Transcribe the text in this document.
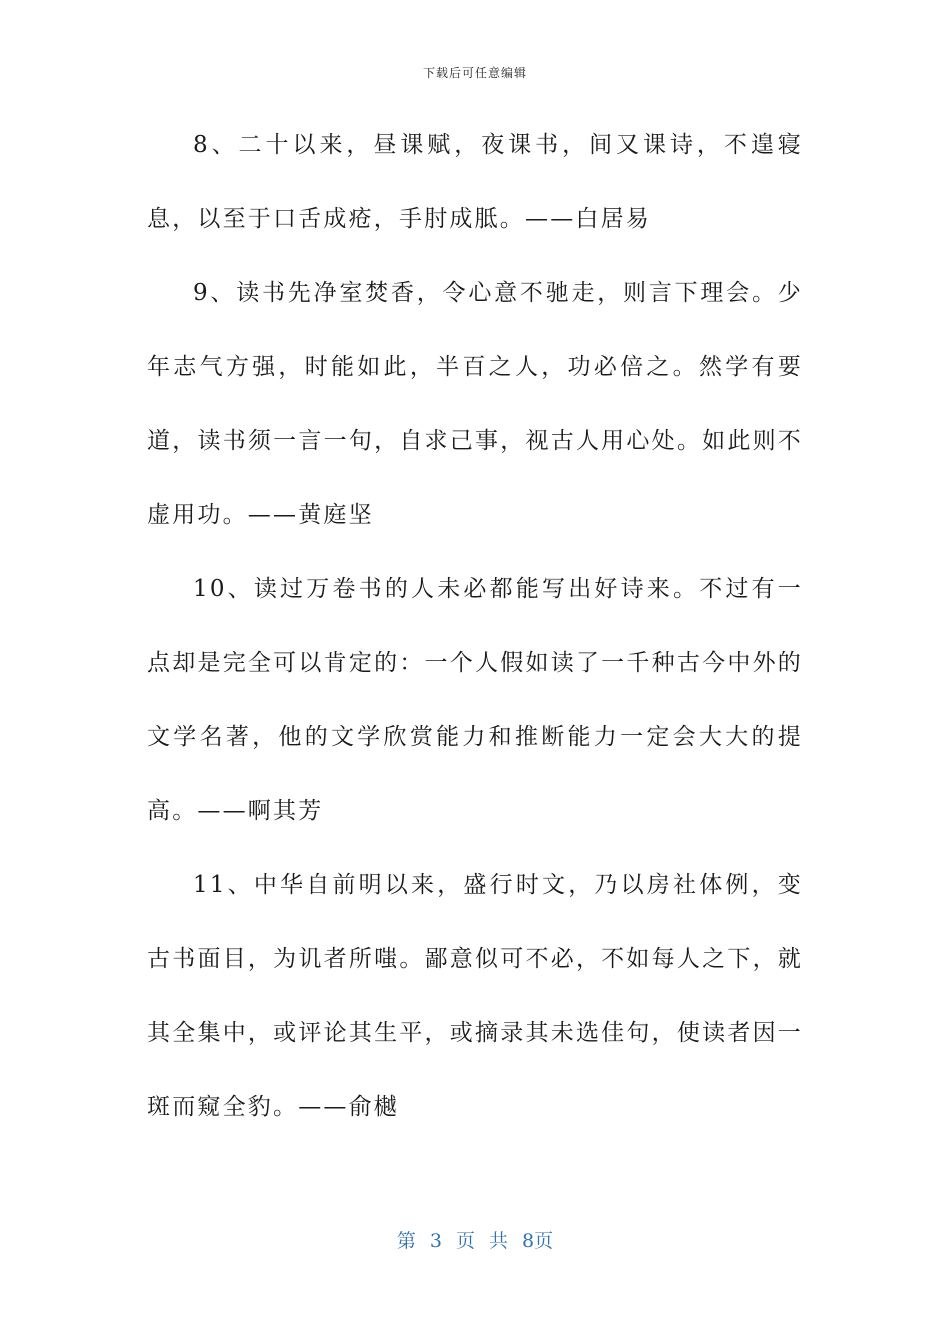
下载后可任意编辑

8、二十以来，昼课赋，夜课书，间又课诗，不遑寝息，以至于口舌成疮，手肘成胝。——白居易

9、读书先净室焚香，令心意不驰走，则言下理会。少年志气方强，时能如此，半百之人，功必倍之。然学有要道，读书须一言一句，自求己事，视古人用心处。如此则不虚用功。——黄庭坚

10、读过万卷书的人未必都能写出好诗来。不过有一点却是完全可以肯定的：一个人假如读了一千种古今中外的文学名著，他的文学欣赏能力和推断能力一定会大大的提高。——啊其芳

11、中华自前明以来，盛行时文，乃以房社体例，变古书面目，为讥者所嗤。鄙意似可不必，不如每人之下，就其全集中，或评论其生平，或摘录其未选佳句，使读者因一斑而窥全豹。——俞樾

第 3 页 共 8页
